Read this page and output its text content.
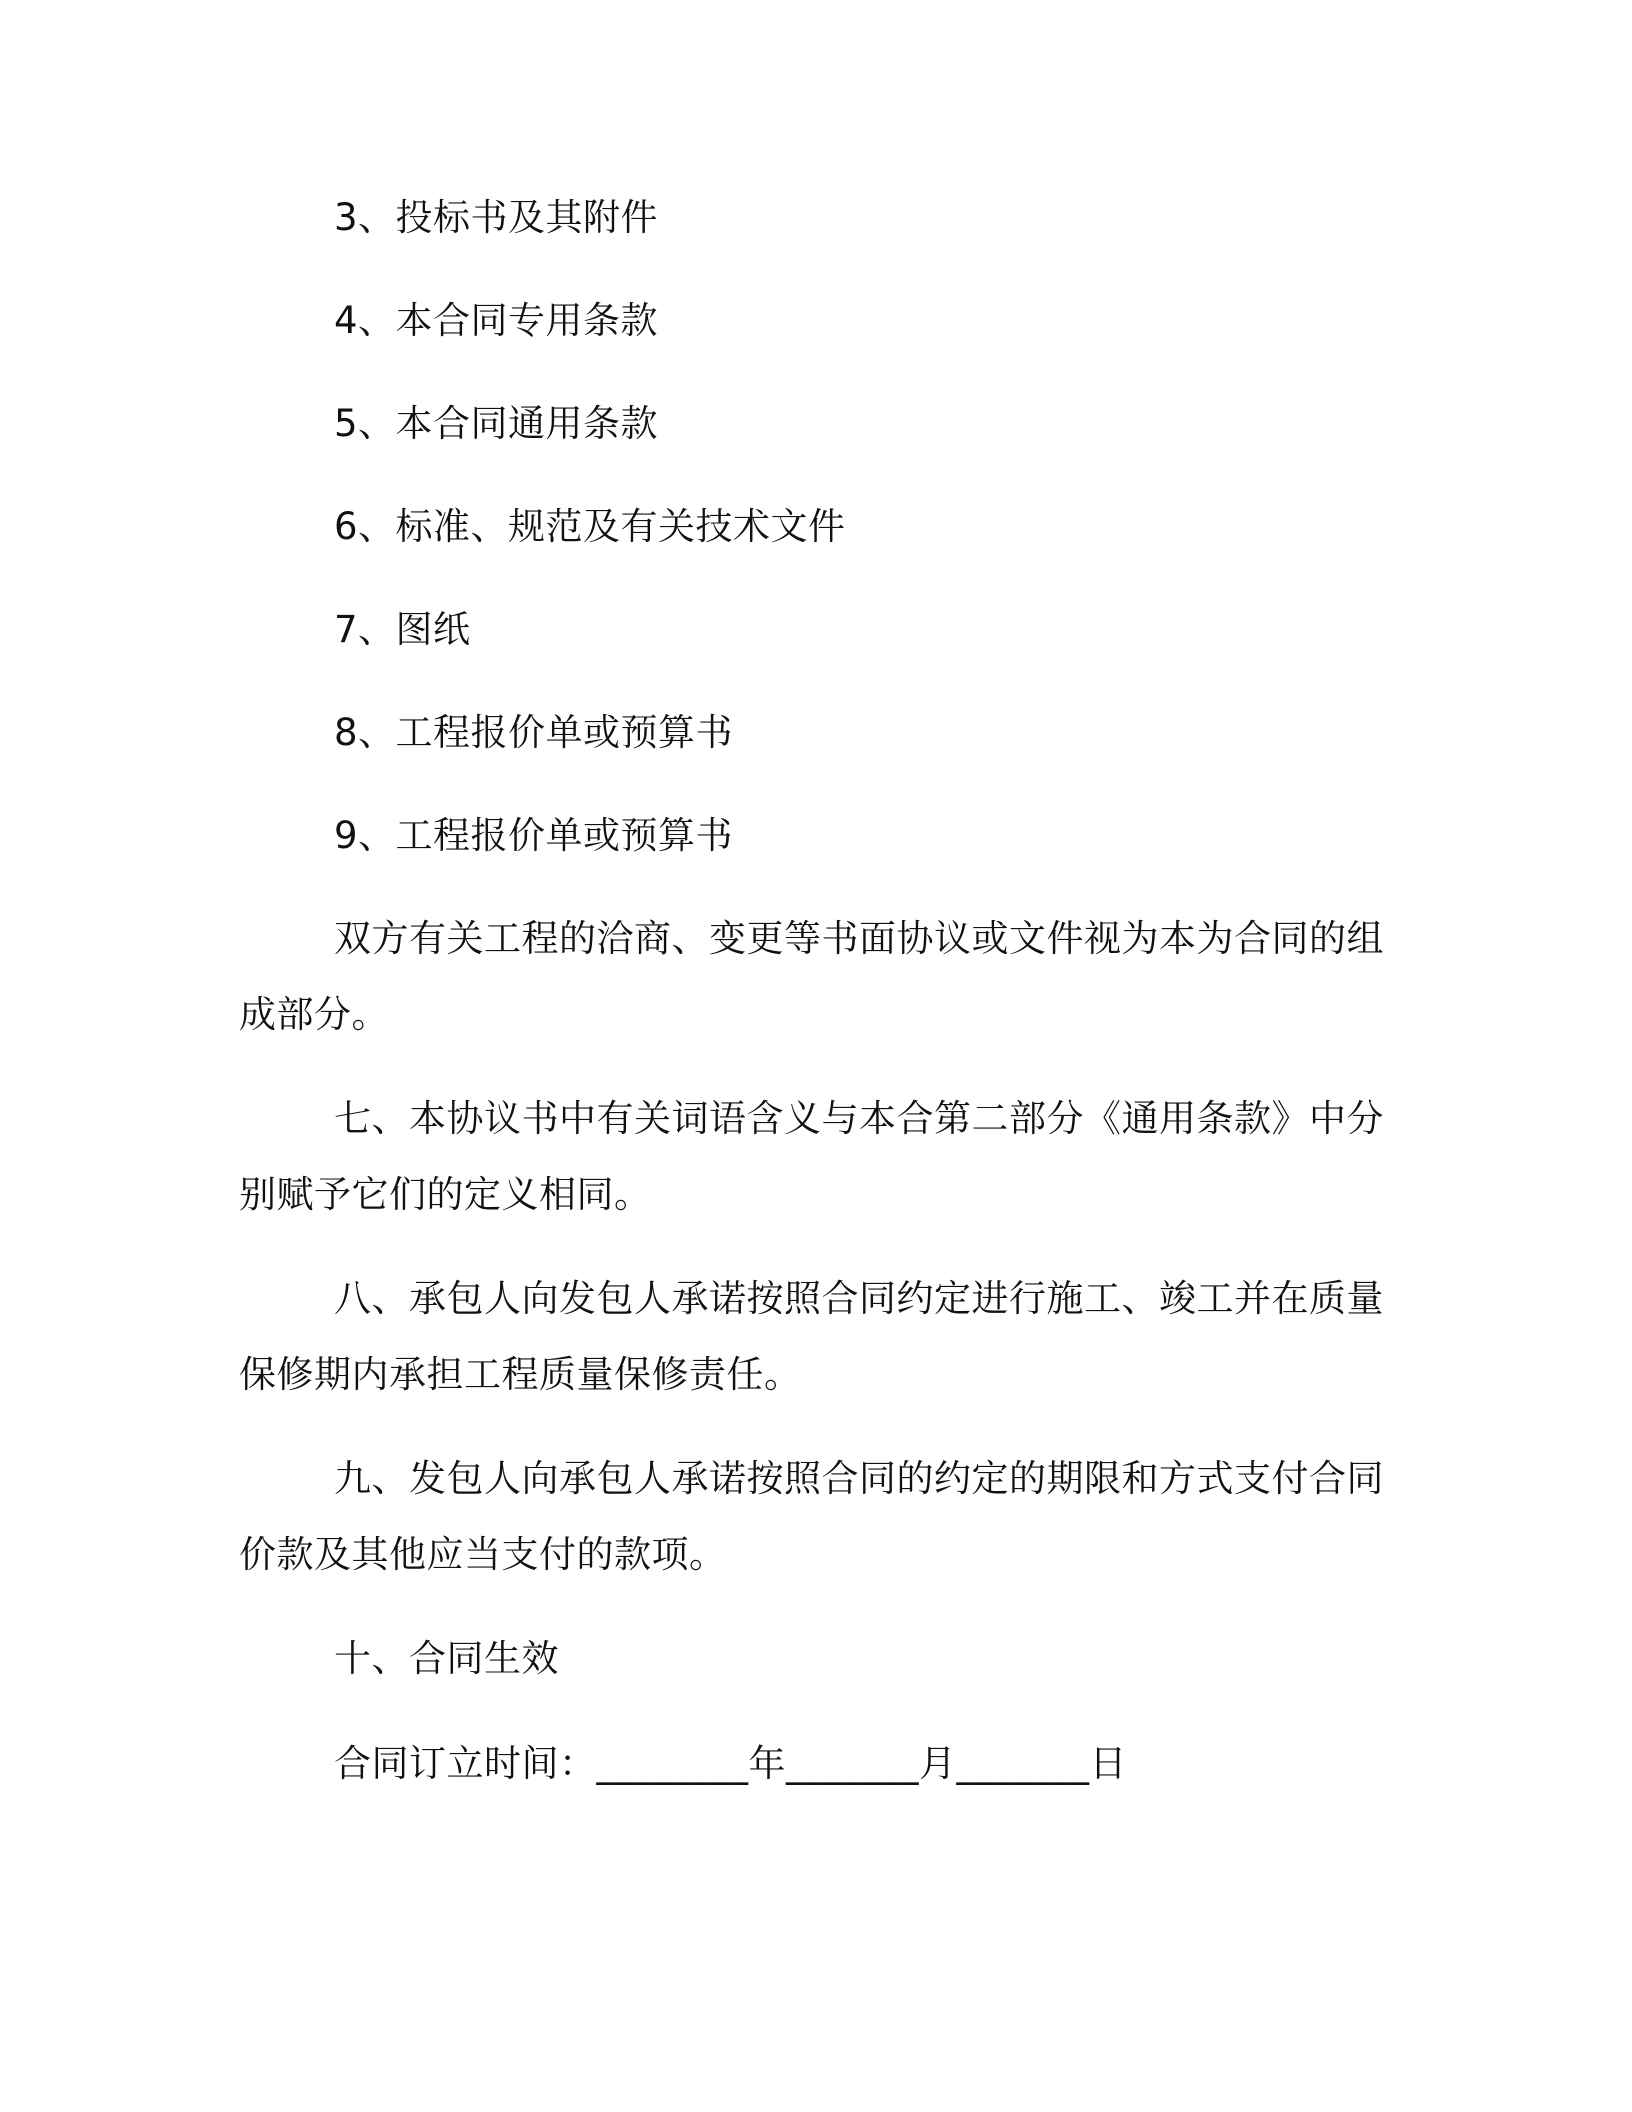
3、投标书及其附件
4、本合同专用条款
5、本合同通用条款
6、标准、规范及有关技术文件
7、图纸
8、工程报价单或预算书
9、工程报价单或预算书
双方有关工程的洽商、变更等书面协议或文件视为本为合同的组
成部分。
七、本协议书中有关词语含义与本合第二部分《通用条款》中分
别赋予它们的定义相同。
八、承包人向发包人承诺按照合同约定进行施工、竣工并在质量
保修期内承担工程质量保修责任。
九、发包人向承包人承诺按照合同的约定的期限和方式支付合同
价款及其他应当支付的款项。
十、合同生效
合同订立时间：________年_______月_______日
